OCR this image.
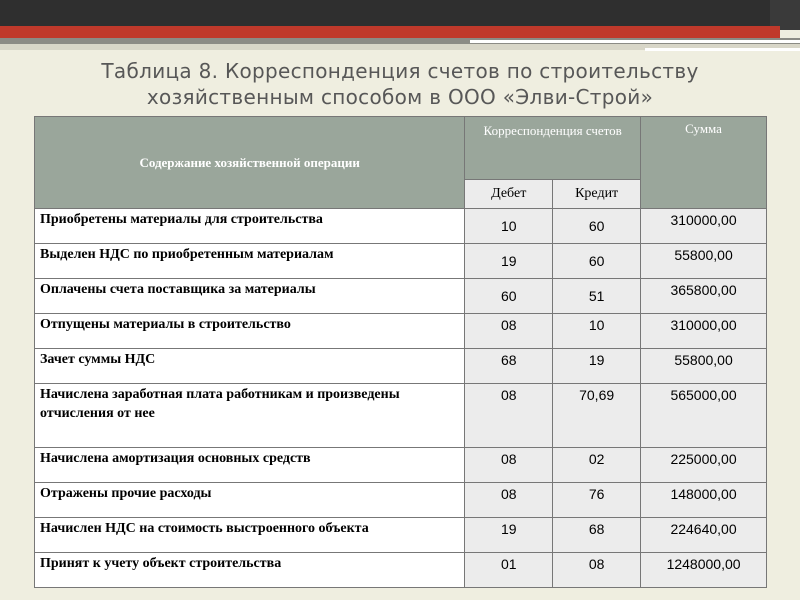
Таблица 8. Корреспонденция счетов по строительству
хозяйственным способом в ООО «Элви-Строй»
Содержание хозяйственной операции	Корреспонденция счетов		Сумма
	Дебет	Кредит	
Приобретены материалы для строительства	10	60	310000,00
Выделен НДС по приобретенным материалам	19	60	55800,00
Оплачены счета поставщика за материалы	60	51	365800,00
Отпущены материалы в строительство	08	10	310000,00
Зачет суммы НДС	68	19	55800,00
Начислена заработная плата работникам и произведены отчисления от нее	08	70,69	565000,00
Начислена амортизация основных средств	08	02	225000,00
Отражены прочие расходы	08	76	148000,00
Начислен НДС на стоимость выстроенного объекта	19	68	224640,00
Принят к учету объект строительства	01	08	1248000,00
